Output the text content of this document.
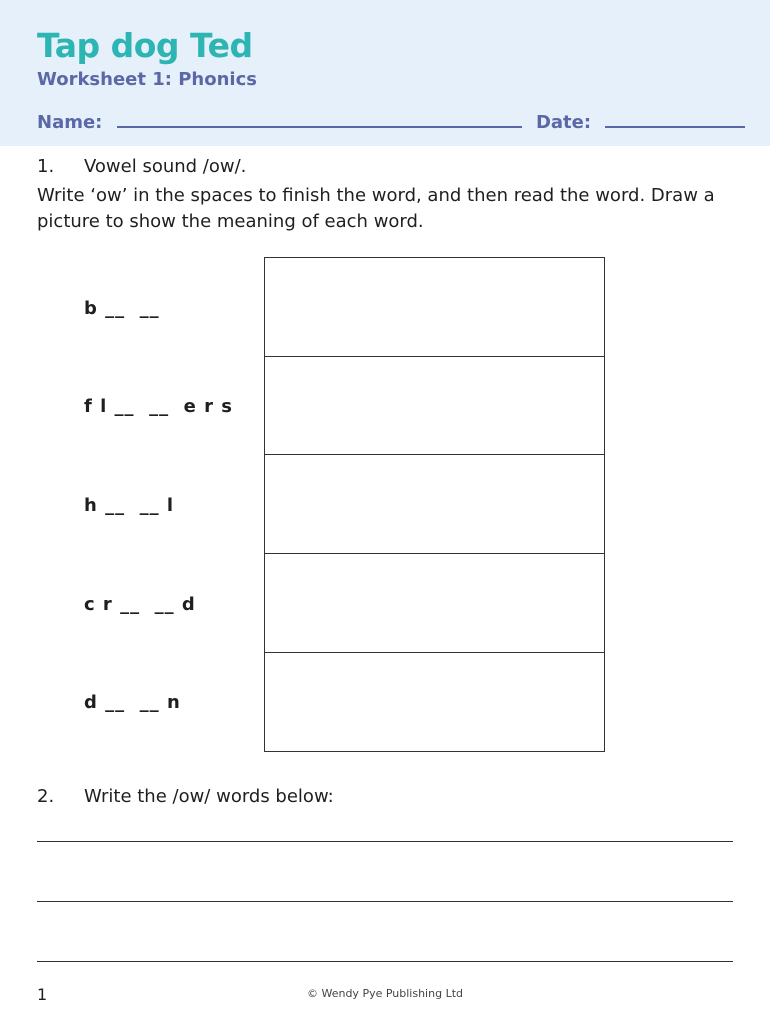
Tap dog Ted
Worksheet 1: Phonics
Name:	Date:
1. Vowel sound /ow/.
Write ‘ow’ in the spaces to finish the word, and then read the word. Draw a picture to show the meaning of each word.
b __  __
f l __  __  e r s
h __  __ l
c r __  __ d
d __  __ n
2. Write the /ow/ words below:
1	© Wendy Pye Publishing Ltd
